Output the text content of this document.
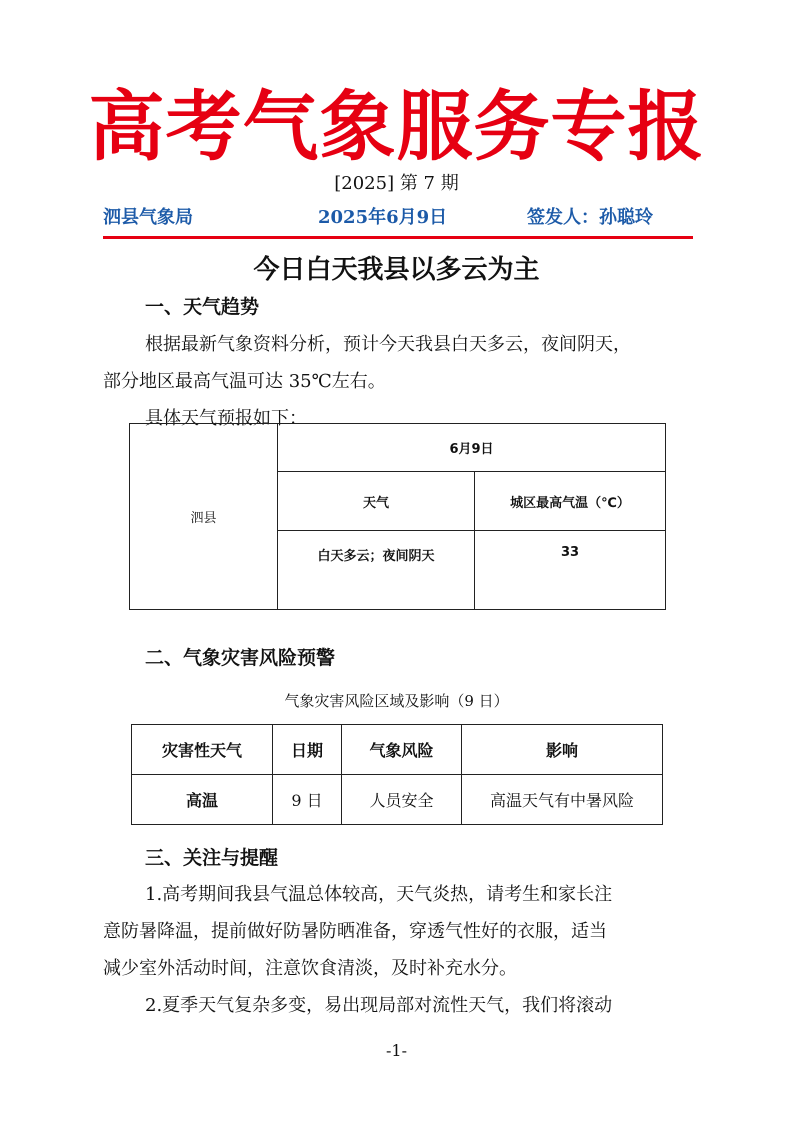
高考气象服务专报
[2025] 第 7 期
泗县气象局	2025年6月9日	签发人：孙聪玲
今日白天我县以多云为主
一、天气趋势
根据最新气象资料分析，预计今天我县白天多云，夜间阴天，
部分地区最高气温可达 35℃左右。
具体天气预报如下：
泗县	6月9日	
	天气	城区最高气温（℃）
	白天多云；夜间阴天	33
二、气象灾害风险预警
气象灾害风险区域及影响（9 日）
灾害性天气	日期	气象风险	影响
高温	9 日	人员安全	高温天气有中暑风险
三、关注与提醒
1.高考期间我县气温总体较高，天气炎热，请考生和家长注
意防暑降温，提前做好防暑防晒准备，穿透气性好的衣服，适当
减少室外活动时间，注意饮食清淡，及时补充水分。
2.夏季天气复杂多变，易出现局部对流性天气，我们将滚动
-1-
